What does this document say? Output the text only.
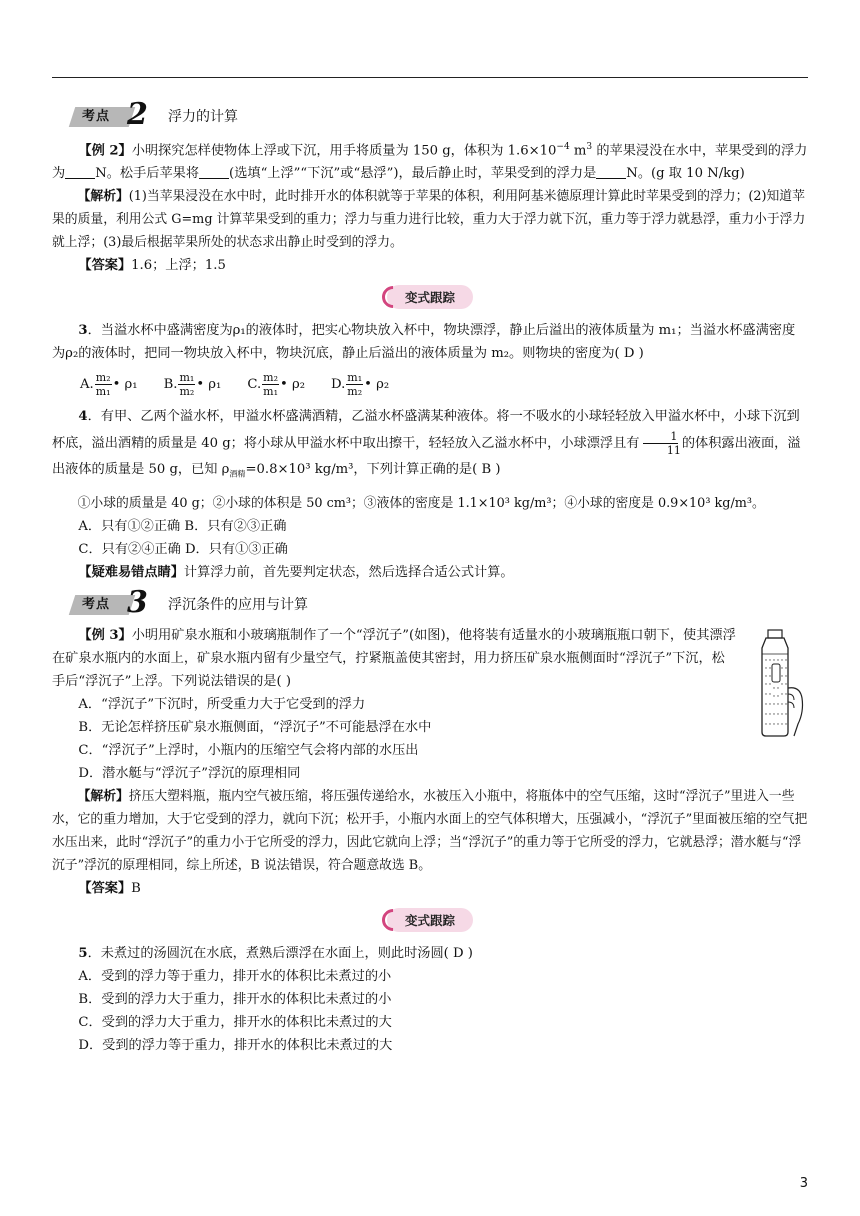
考点 2 浮力的计算

【例 2】小明探究怎样使物体上浮或下沉，用手将质量为 150 g，体积为 $1.6\times 10^{-4}$ $m^3$ 的苹果浸没在水中，苹果受到的浮力为 N。松手后苹果将 (选填“上浮”“下沉”或“悬浮”)，最后静止时，苹果受到的浮力是 N。(g 取 10 N/kg)

【解析】(1)当苹果浸没在水中时，此时排开水的体积就等于苹果的体积，利用阿基米德原理计算此时苹果受到的浮力；(2)知道苹果的质量，利用公式 G=mg 计算苹果受到的重力；浮力与重力进行比较，重力大于浮力就下沉，重力等于浮力就悬浮，重力小于浮力就上浮；(3)最后根据苹果所处的状态求出静止时受到的浮力。

【答案】1.6；上浮；1.5

变式跟踪

3．当溢水杯中盛满密度为ρ₁的液体时，把实心物块放入杯中，物块漂浮，静止后溢出的液体质量为 m₁；当溢水杯盛满密度为ρ₂的液体时，把同一物块放入杯中，物块沉底，静止后溢出的液体质量为 m₂。则物块的密度为( D )

A. $\frac{\text{m₂}}{\text{m₁}}$ • ρ₁ B. $\frac{\text{m₁}}{\text{m₂}}$ • ρ₁ C. $\frac{\text{m₂}}{\text{m₁}}$ • ρ₂ D. $\frac{\text{m₁}}{\text{m₂}}$ • ρ₂

4．有甲、乙两个溢水杯，甲溢水杯盛满酒精，乙溢水杯盛满某种液体。将一不吸水的小球轻轻放入甲溢水杯中，小球下沉到杯底，溢出酒精的质量是 40 g；将小球从甲溢水杯中取出擦干，轻轻放入乙溢水杯中，小球漂浮且有 $\frac{1}{11}$ 的体积露出液面，溢出液体的质量是 50 g，已知 $\rho_{酒精}=0.8\times 10^3$ kg/m³，下列计算正确的是( B )

①小球的质量是 40 g；②小球的体积是 50 cm³；③液体的密度是 1.1×10³ kg/m³；④小球的密度是 0.9×10³ kg/m³。

A．只有①②正确 B．只有②③正确

C．只有②④正确 D．只有①③正确

【疑难易错点睛】计算浮力前，首先要判定状态，然后选择合适公式计算。

考点 3 浮沉条件的应用与计算

【例 3】小明用矿泉水瓶和小玻璃瓶制作了一个“浮沉子”(如图)，他将装有适量水的小玻璃瓶瓶口朝下，使其漂浮在矿泉水瓶内的水面上，矿泉水瓶内留有少量空气，拧紧瓶盖使其密封，用力挤压矿泉水瓶侧面时“浮沉子”下沉，松手后“浮沉子”上浮。下列说法错误的是( )

A．“浮沉子”下沉时，所受重力大于它受到的浮力

B．无论怎样挤压矿泉水瓶侧面，“浮沉子”不可能悬浮在水中

C．“浮沉子”上浮时，小瓶内的压缩空气会将内部的水压出

D．潜水艇与“浮沉子”浮沉的原理相同

【解析】挤压大塑料瓶，瓶内空气被压缩，将压强传递给水，水被压入小瓶中，将瓶体中的空气压缩，这时“浮沉子”里进入一些水，它的重力增加，大于它受到的浮力，就向下沉；松开手，小瓶内水面上的空气体积增大，压强减小，“浮沉子”里面被压缩的空气把水压出来，此时“浮沉子”的重力小于它所受的浮力，因此它就向上浮；当“浮沉子”的重力等于它所受的浮力，它就悬浮；潜水艇与“浮沉子”浮沉的原理相同，综上所述，B 说法错误，符合题意故选 B。

【答案】B

变式跟踪

5．未煮过的汤圆沉在水底，煮熟后漂浮在水面上，则此时汤圆( D )

A．受到的浮力等于重力，排开水的体积比未煮过的小

B．受到的浮力大于重力，排开水的体积比未煮过的小

C．受到的浮力大于重力，排开水的体积比未煮过的大

D．受到的浮力等于重力，排开水的体积比未煮过的大

3
